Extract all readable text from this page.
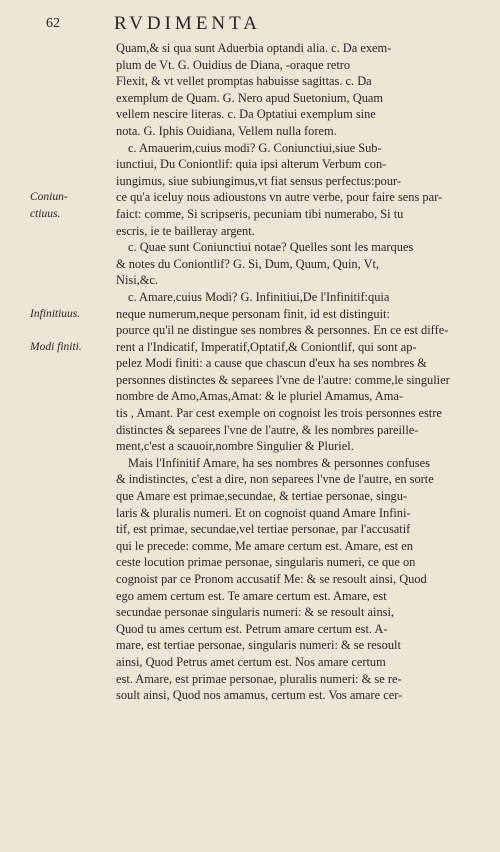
62	RVDIMENTA
Coniun-
ctiuus.
Infinitiuus.
Modi finiti.
Quam,& si qua sunt Aduerbia optandi alia. c. Da exem-
plum de Vt. G. Ouidius de Diana, -oraque retro
Flexit, & vt vellet promptas habuisse sagittas. c. Da
exemplum de Quam. G. Nero apud Suetonium, Quam
vellem nescire literas. c. Da Optatiui exemplum sine
nota. G. Iphis Ouidiana, Vellem nulla forem.
c. Amauerim,cuius modi? G. Coniunctiui,siue Sub-
iunctiui, Du Coniontlif: quia ipsi alterum Verbum con-
iungimus, siue subiungimus,vt fiat sensus perfectus:pour-
ce qu'a iceluy nous adioustons vn autre verbe, pour faire sens par-
faict: comme, Si scripseris, pecuniam tibi numerabo, Si tu
escris, ie te bailleray argent.
c. Quae sunt Coniunctiui notae? Quelles sont les marques
& notes du Coniontlif? G. Si, Dum, Quum, Quin, Vt,
Nisi,&c.
c. Amare,cuius Modi? G. Infinitiui,De l'Infinitif:quia
neque numerum,neque personam finit, id est distinguit:
pource qu'il ne distingue ses nombres & personnes. En ce est diffe-
rent a l'Indicatif, Imperatif,Optatif,& Coniontlif, qui sont ap-
pelez Modi finiti: a cause que chascun d'eux ha ses nombres &
personnes distinctes & separees l'vne de l'autre: comme,le singulier
nombre de Amo,Amas,Amat: & le pluriel Amamus, Ama-
tis , Amant. Par cest exemple on cognoist les trois personnes estre
distinctes & separees l'vne de l'autre, & les nombres pareille-
ment,c'est a scauoir,nombre Singulier & Pluriel.
Mais l'Infinitif Amare, ha ses nombres & personnes confuses
& indistinctes, c'est a dire, non separees l'vne de l'autre, en sorte
que Amare est primae,secundae, & tertiae personae, singu-
laris & pluralis numeri. Et on cognoist quand Amare Infini-
tif, est primae, secundae,vel tertiae personae, par l'accusatif
qui le precede: comme, Me amare certum est. Amare, est en
ceste locution primae personae, singularis numeri, ce que on
cognoist par ce Pronom accusatif Me: & se resoult ainsi, Quod
ego amem certum est. Te amare certum est. Amare, est
secundae personae singularis numeri: & se resoult ainsi,
Quod tu ames certum est. Petrum amare certum est. A-
mare, est tertiae personae, singularis numeri: & se resoult
ainsi, Quod Petrus amet certum est. Nos amare certum
est. Amare, est primae personae, pluralis numeri: & se re-
soult ainsi, Quod nos amamus, certum est. Vos amare cer-
